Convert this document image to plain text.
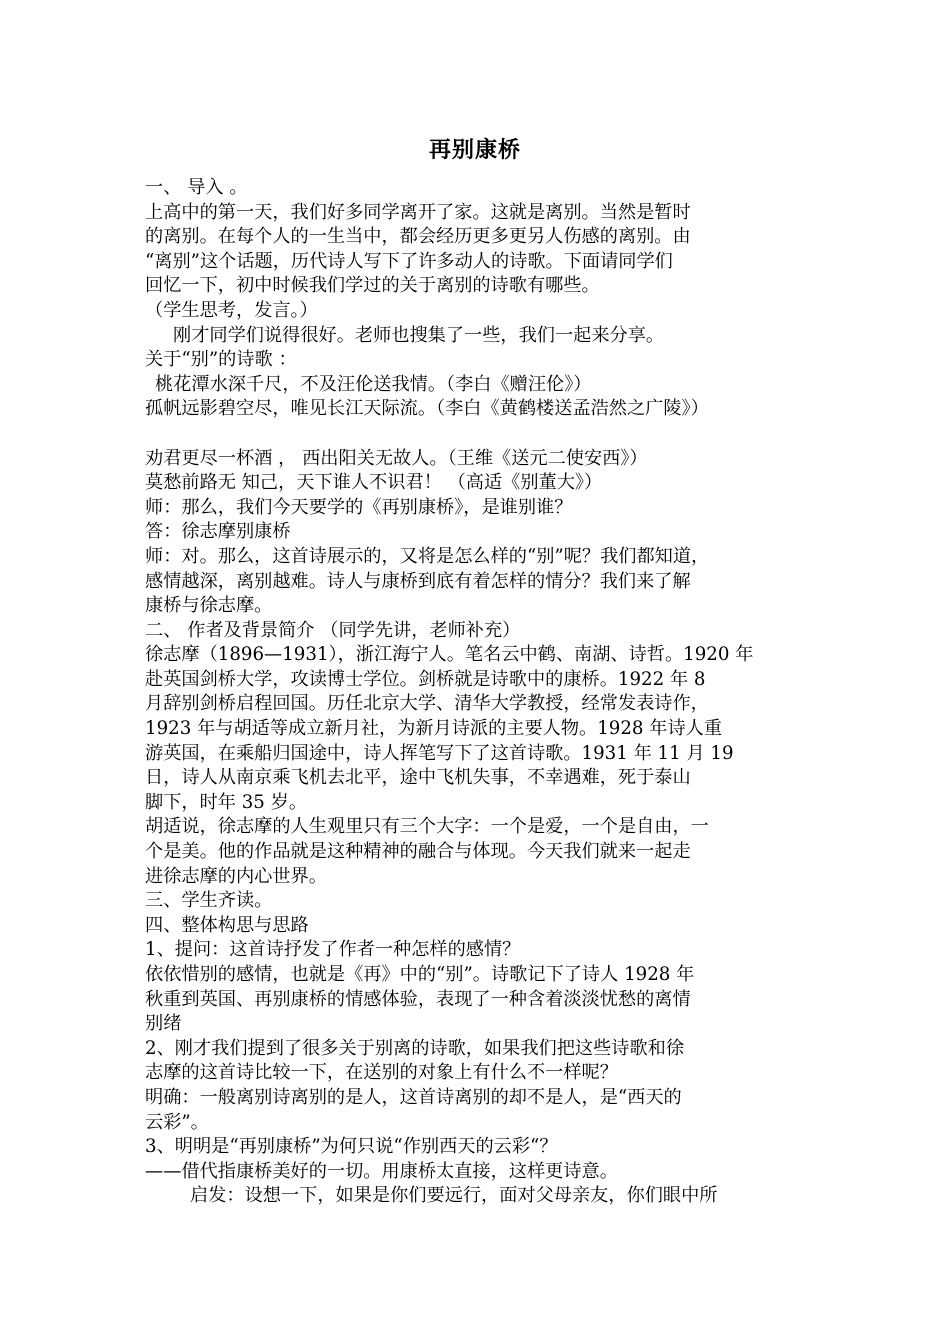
再别康桥
一、 导入 。
上高中的第一天，我们好多同学离开了家。这就是离别。当然是暂时
的离别。在每个人的一生当中，都会经历更多更另人伤感的离别。由
“离别”这个话题，历代诗人写下了许多动人的诗歌。下面请同学们
回忆一下，初中时候我们学过的关于离别的诗歌有哪些。
（学生思考，发言。）
刚才同学们说得很好。老师也搜集了一些，我们一起来分享。
关于“别”的诗歌 ：
桃花潭水深千尺，不及汪伦送我情。（李白《赠汪伦》）
孤帆远影碧空尽，唯见长江天际流。（李白《黄鹤楼送孟浩然之广陵》）
劝君更尽一杯酒 ， 西出阳关无故人。（王维《送元二使安西》）
莫愁前路无 知己，天下谁人不识君！ （高适《别董大》）
师：那么，我们今天要学的《再别康桥》，是谁别谁？
答：徐志摩别康桥
师：对。那么，这首诗展示的，又将是怎么样的“别”呢？我们都知道，
感情越深，离别越难。诗人与康桥到底有着怎样的情分？我们来了解
康桥与徐志摩。
二、 作者及背景简介 （同学先讲，老师补充）
徐志摩（1896—1931），浙江海宁人。笔名云中鹤、南湖、诗哲。1920 年
赴英国剑桥大学，攻读博士学位。剑桥就是诗歌中的康桥。1922 年 8
月辞别剑桥启程回国。历任北京大学、清华大学教授，经常发表诗作，
1923 年与胡适等成立新月社，为新月诗派的主要人物。1928 年诗人重
游英国，在乘船归国途中，诗人挥笔写下了这首诗歌。1931 年 11 月 19
日，诗人从南京乘飞机去北平，途中飞机失事，不幸遇难，死于泰山
脚下，时年 35 岁。
胡适说，徐志摩的人生观里只有三个大字：一个是爱，一个是自由，一
个是美。他的作品就是这种精神的融合与体现。今天我们就来一起走
进徐志摩的内心世界。
三、学生齐读。
四、整体构思与思路
1、提问：这首诗抒发了作者一种怎样的感情？
依依惜别的感情，也就是《再》中的“别”。诗歌记下了诗人 1928 年
秋重到英国、再别康桥的情感体验，表现了一种含着淡淡忧愁的离情
别绪
2、刚才我们提到了很多关于别离的诗歌，如果我们把这些诗歌和徐
志摩的这首诗比较一下，在送别的对象上有什么不一样呢？
明确：一般离别诗离别的是人，这首诗离别的却不是人，是“西天的
云彩”。
3、明明是“再别康桥”为何只说“作别西天的云彩“？
——借代指康桥美好的一切。用康桥太直接，这样更诗意。
启发：设想一下，如果是你们要远行，面对父母亲友，你们眼中所
